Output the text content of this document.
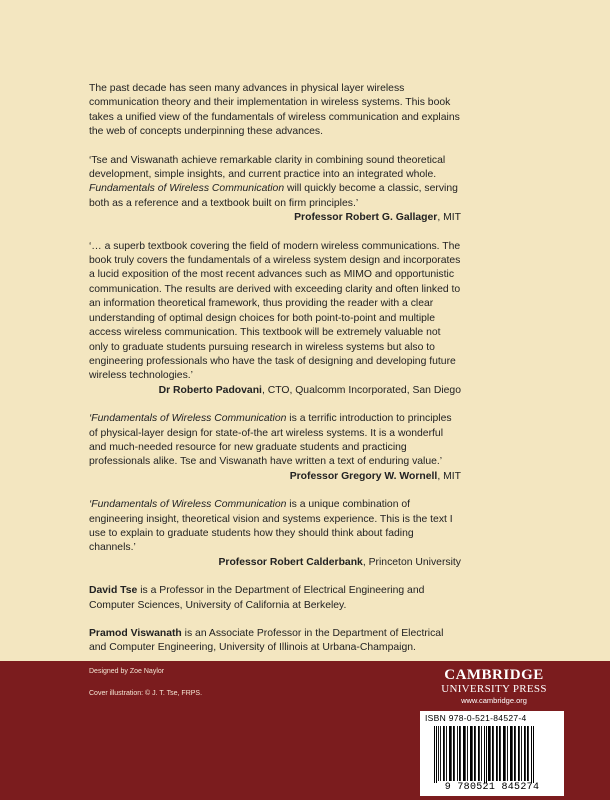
The past decade has seen many advances in physical layer wireless communication theory and their implementation in wireless systems. This book takes a unified view of the fundamentals of wireless communication and explains the web of concepts underpinning these advances.

‘Tse and Viswanath achieve remarkable clarity in combining sound theoretical development, simple insights, and current practice into an integrated whole. Fundamentals of Wireless Communication will quickly become a classic, serving both as a reference and a textbook built on firm principles.’

Professor Robert G. Gallager, MIT

‘… a superb textbook covering the field of modern wireless communications. The book truly covers the fundamentals of a wireless system design and incorporates a lucid exposition of the most recent advances such as MIMO and opportunistic communication. The results are derived with exceeding clarity and often linked to an information theoretical framework, thus providing the reader with a clear understanding of optimal design choices for both point-to-point and multiple access wireless communication. This textbook will be extremely valuable not only to graduate students pursuing research in wireless systems but also to engineering professionals who have the task of designing and developing future wireless technologies.’

Dr Roberto Padovani, CTO, Qualcomm Incorporated, San Diego

‘Fundamentals of Wireless Communication is a terrific introduction to principles of physical-layer design for state-of-the art wireless systems. It is a wonderful and much-needed resource for new graduate students and practicing professionals alike. Tse and Viswanath have written a text of enduring value.’

Professor Gregory W. Wornell, MIT

‘Fundamentals of Wireless Communication is a unique combination of engineering insight, theoretical vision and systems experience. This is the text I use to explain to graduate students how they should think about fading channels.’

Professor Robert Calderbank, Princeton University

David Tse is a Professor in the Department of Electrical Engineering and Computer Sciences, University of California at Berkeley.

Pramod Viswanath is an Associate Professor in the Department of Electrical and Computer Engineering, University of Illinois at Urbana-Champaign.

Designed by Zoe Naylor
Cover illustration: © J. T. Tse, FRPS.
CAMBRIDGE
UNIVERSITY PRESS
www.cambridge.org
ISBN 978-0-521-84527-4
9 780521 845274
